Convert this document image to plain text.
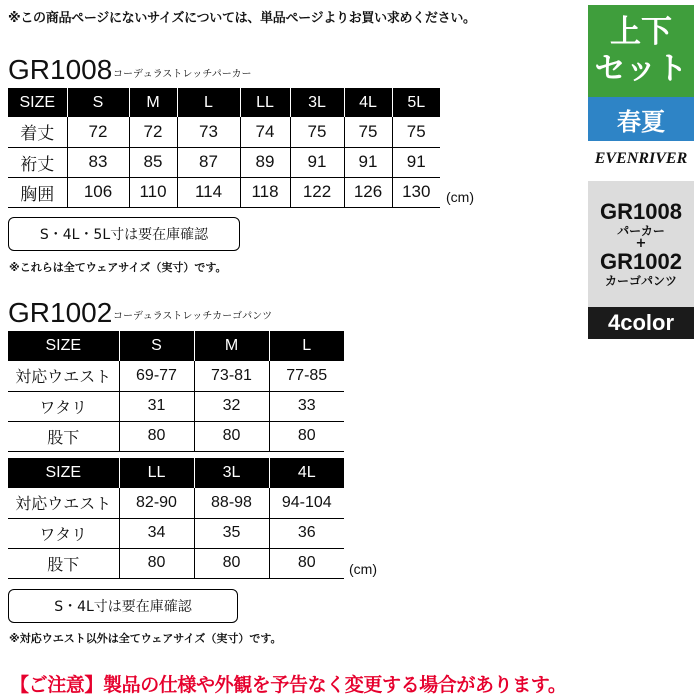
※この商品ページにないサイズについては、単品ページよりお買い求めください。
GR1008 コーデュラストレッチパーカー
SIZE	S	M	L	LL	3L	4L	5L
着丈	72	72	73	74	75	75	75
裄丈	83	85	87	89	91	91	91
胸囲	106	110	114	118	122	126	130 (cm)
S・4L・5L寸は要在庫確認
※これらは全てウェアサイズ（実寸）です。
GR1002 コーデュラストレッチカーゴパンツ
SIZE	S	M	L
対応ウエスト	69-77	73-81	77-85
ワタリ	31	32	33
股下	80	80	80
SIZE	LL	3L	4L
対応ウエスト	82-90	88-98	94-104
ワタリ	34	35	36
股下	80	80	80 (cm)
S・4L寸は要在庫確認
※対応ウエスト以外は全てウェアサイズ（実寸）です。
【ご注意】製品の仕様や外観を予告なく変更する場合があります。
上下
セット
春夏
EVENRIVER
GR1008
パーカー
+
GR1002
カーゴパンツ
4color
